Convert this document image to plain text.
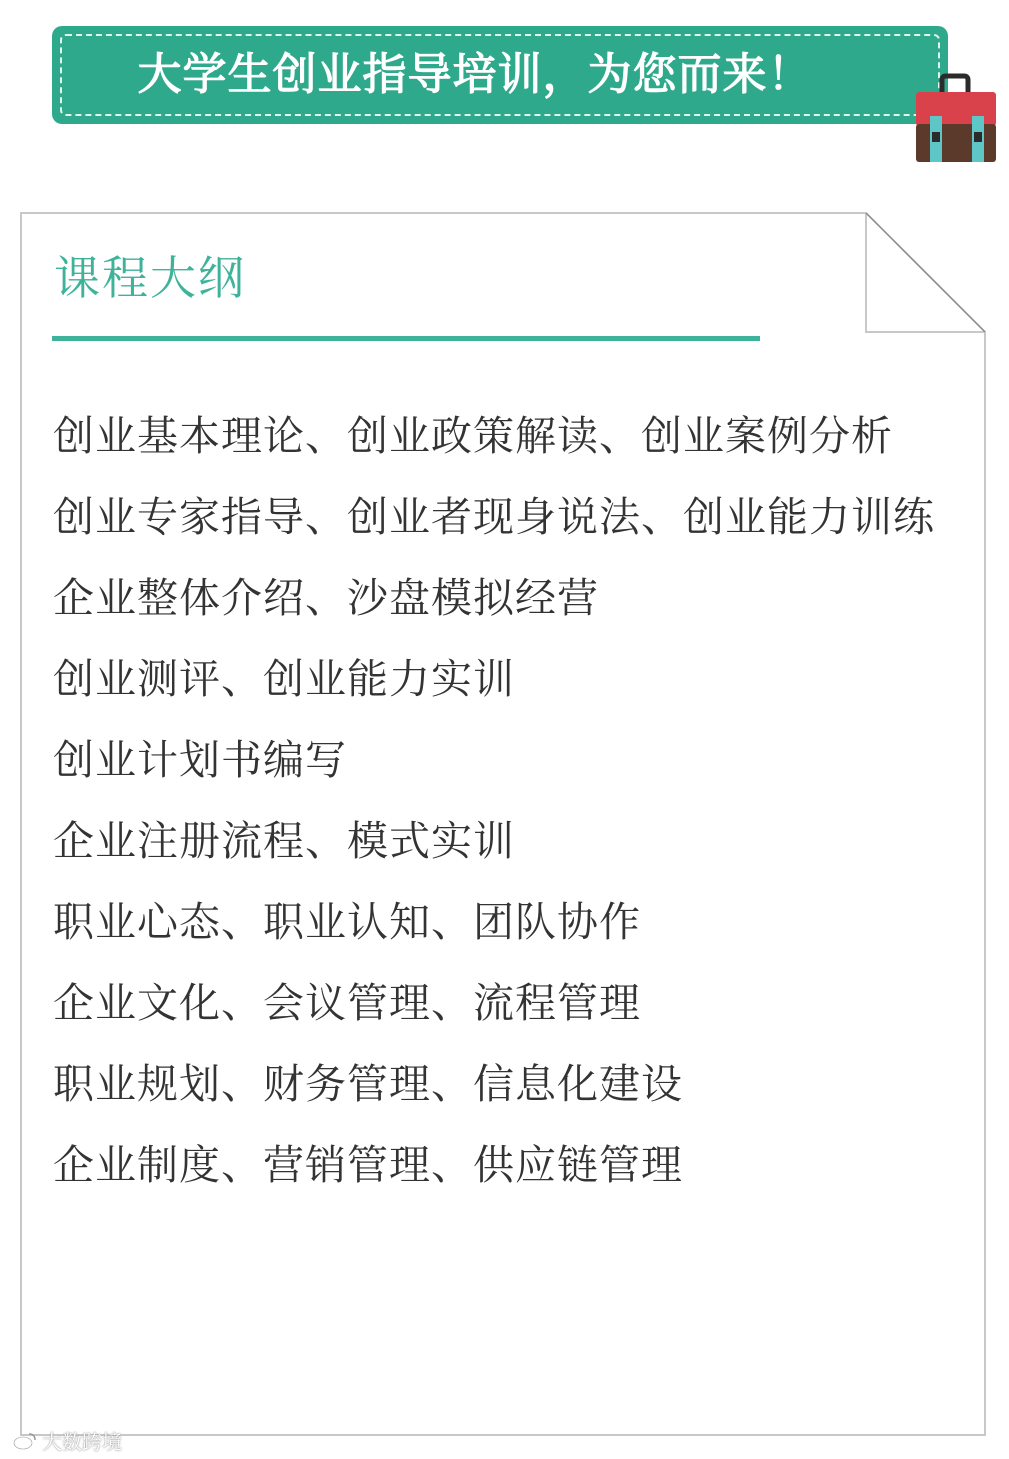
大学生创业指导培训，为您而来！
课程大纲
创业基本理论、创业政策解读、创业案例分析
创业专家指导、创业者现身说法、创业能力训练
企业整体介绍、沙盘模拟经营
创业测评、创业能力实训
创业计划书编写
企业注册流程、模式实训
职业心态、职业认知、团队协作
企业文化、会议管理、流程管理
职业规划、财务管理、信息化建设
企业制度、营销管理、供应链管理
大数跨境
